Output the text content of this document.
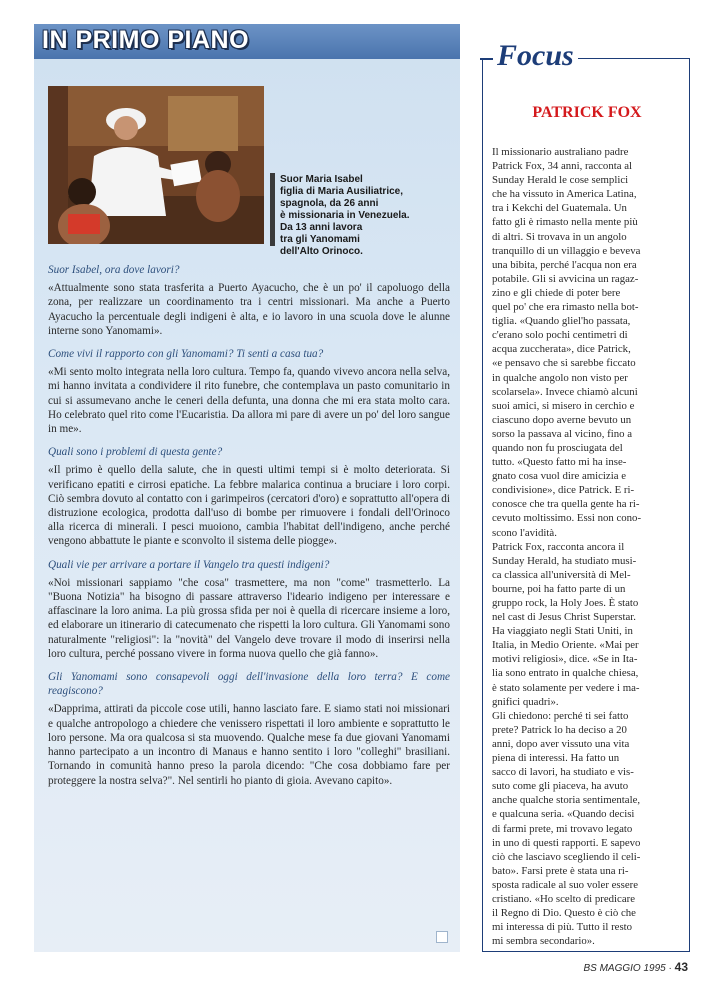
IN PRIMO PIANO
Suor Maria Isabel
figlia di Maria Ausiliatrice,
spagnola, da 26 anni
è missionaria in Venezuela.
Da 13 anni lavora
tra gli Yanomami
dell'Alto Orinoco.

Suor Isabel, ora dove lavori?

«Attualmente sono stata trasferita a Puerto Ayacucho, che è un po' il capoluogo della zona, per realizzare un coordinamento tra i centri missionari. Ma anche a Puerto Ayacucho la percentuale degli indigeni è alta, e io lavoro in una scuola dove le alunne interne sono Yanomami».

Come vivi il rapporto con gli Yanomami? Ti senti a casa tua?

«Mi sento molto integrata nella loro cultura. Tempo fa, quando vivevo ancora nella selva, mi hanno invitata a condividere il rito funebre, che contemplava un pasto comunitario in cui si assumevano anche le ceneri della defunta, una donna che mi era stata molto cara. Ho celebrato quel rito come l'Eucaristia. Da allora mi pare di avere un po' del loro sangue in me».

Quali sono i problemi di questa gente?

«Il primo è quello della salute, che in questi ultimi tempi si è molto deteriorata. Si verificano epatiti e cirrosi epatiche. La febbre malarica continua a bruciare i loro corpi. Ciò sembra dovuto al contatto con i garimpeiros (cercatori d'oro) e soprattutto all'opera di distruzione ecologica, prodotta dall'uso di bombe per rimuovere i fondali dell'Orinoco alla ricerca di minerali. I pesci muoiono, cambia l'habitat dell'indigeno, anche perché vengono abbattute le piante e sconvolto il sistema delle piogge».

Quali vie per arrivare a portare il Vangelo tra questi indigeni?

«Noi missionari sappiamo "che cosa" trasmettere, ma non "come" trasmetterlo. La "Buona Notizia" ha bisogno di passare attraverso l'ideario indigeno per interessare e affascinare la loro anima. La più grossa sfida per noi è quella di ricercare insieme a loro, ed elaborare un itinerario di catecumenato che rispetti la loro cultura. Gli Yanomami sono naturalmente "religiosi": la "novità" del Vangelo deve trovare il modo di inserirsi nella loro cultura, perché possano vivere in forma nuova quello che già fanno».

Gli Yanomami sono consapevoli oggi dell'invasione della loro terra? E come reagiscono?

«Dapprima, attirati da piccole cose utili, hanno lasciato fare. E siamo stati noi missionari e qualche antropologo a chiedere che venissero rispettati il loro ambiente e soprattutto le loro persone. Ma ora qualcosa si sta muovendo. Qualche mese fa due giovani Yanomami hanno partecipato a un incontro di Manaus e hanno sentito i loro "colleghi" brasiliani. Tornando in comunità hanno preso la parola dicendo: "Che cosa dobbiamo fare per proteggere la nostra selva?". Nel sentirli ho pianto di gioia. Avevano capito».

Focus
PATRICK FOX
Il missionario australiano padre
Patrick Fox, 34 anni, racconta al
Sunday Herald le cose semplici
che ha vissuto in America Latina,
tra i Kekchi del Guatemala. Un
fatto gli è rimasto nella mente più
di altri. Si trovava in un angolo
tranquillo di un villaggio e beveva
una bibita, perché l'acqua non era
potabile. Gli si avvicina un ragaz-
zino e gli chiede di poter bere
quel po' che era rimasto nella bot-
tiglia. «Quando gliel'ho passata,
c'erano solo pochi centimetri di
acqua zuccherata», dice Patrick,
«e pensavo che si sarebbe ficcato
in qualche angolo non visto per
scolarsela». Invece chiamò alcuni
suoi amici, si misero in cerchio e
ciascuno dopo averne bevuto un
sorso la passava al vicino, fino a
quando non fu prosciugata del
tutto. «Questo fatto mi ha inse-
gnato cosa vuol dire amicizia e
condivisione», dice Patrick. E ri-
conosce che tra quella gente ha ri-
cevuto moltissimo. Essi non cono-
scono l'avidità.
Patrick Fox, racconta ancora il
Sunday Herald, ha studiato musi-
ca classica all'università di Mel-
bourne, poi ha fatto parte di un
gruppo rock, la Holy Joes. È stato
nel cast di Jesus Christ Superstar.
Ha viaggiato negli Stati Uniti, in
Italia, in Medio Oriente. «Mai per
motivi religiosi», dice. «Se in Ita-
lia sono entrato in qualche chiesa,
è stato solamente per vedere i ma-
gnifici quadri».
Gli chiedono: perché ti sei fatto
prete? Patrick lo ha deciso a 20
anni, dopo aver vissuto una vita
piena di interessi. Ha fatto un
sacco di lavori, ha studiato e vis-
suto come gli piaceva, ha avuto
anche qualche storia sentimentale,
e qualcuna seria. «Quando decisi
di farmi prete, mi trovavo legato
in uno di questi rapporti. E sapevo
ciò che lasciavo scegliendo il celi-
bato». Farsi prete è stata una ri-
sposta radicale al suo voler essere
cristiano. «Ho scelto di predicare
il Regno di Dio. Questo è ciò che
mi interessa di più. Tutto il resto
mi sembra secondario».
BS MAGGIO 1995 · 43
